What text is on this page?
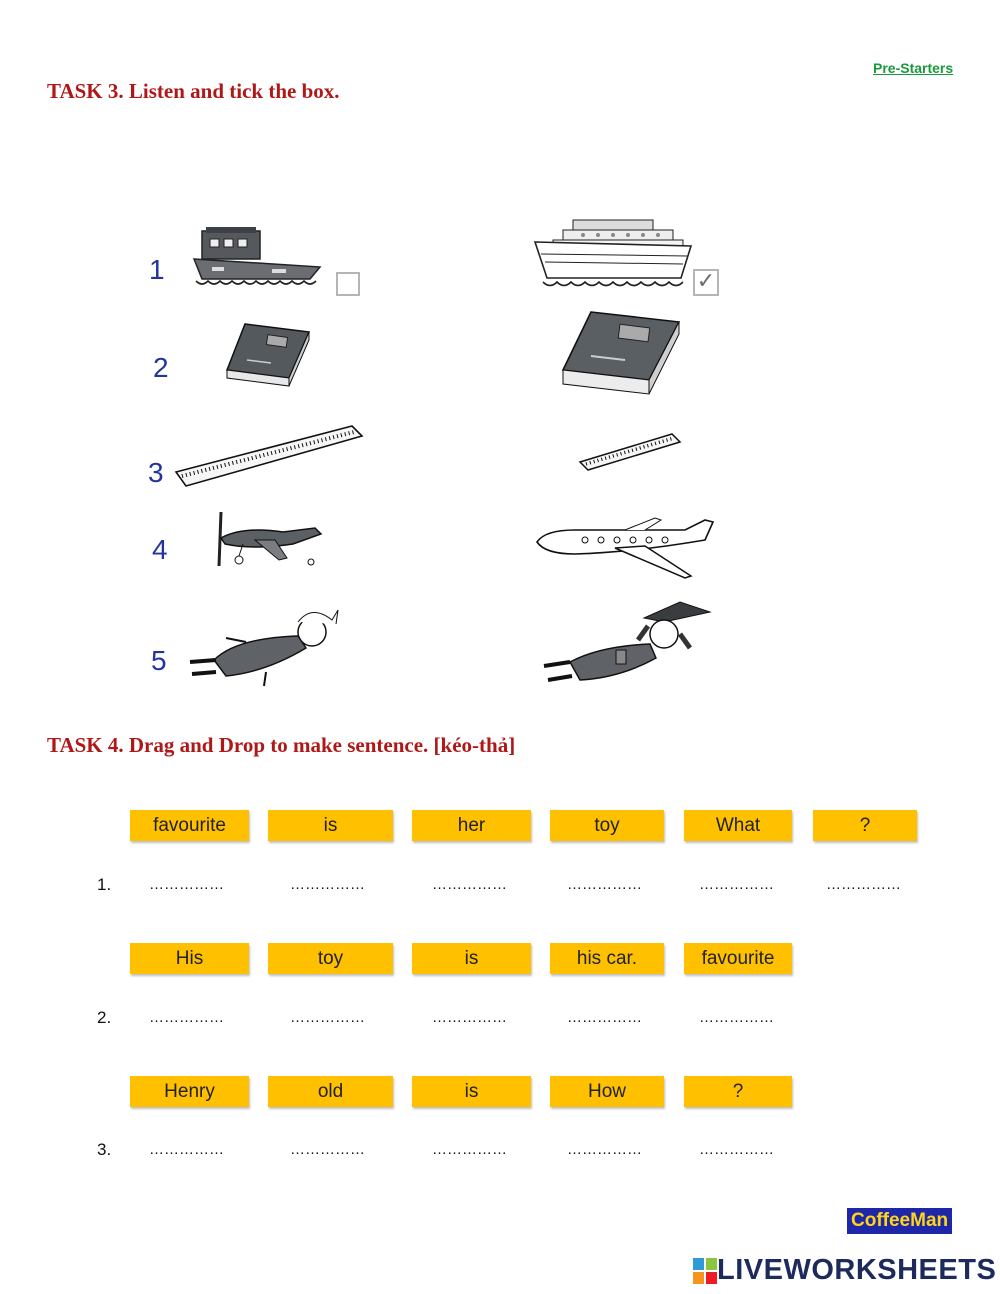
Pre-Starters
TASK 3. Listen and tick the box.
1
2
3
4
5
✓
TASK 4. Drag and Drop to make sentence. [kéo-thả]
favourite	is	her	toy	What	?
1.	……………	……………	……………	……………	……………	……………
His	toy	is	his car.	favourite
2.	……………	……………	……………	……………	……………
Henry	old	is	How	?
3.	……………	……………	……………	……………	……………
CoffeeMan
LIVEWORKSHEETS
